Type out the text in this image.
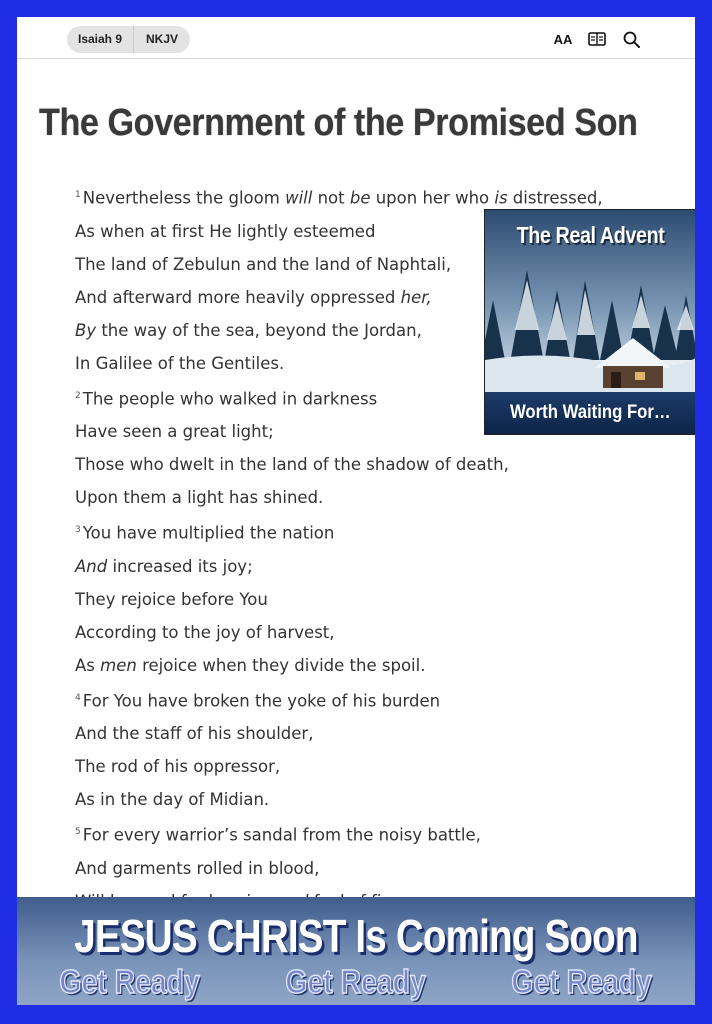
Isaiah 9	NKJV	AA
The Government of the Promised Son
$^1$ Nevertheless the gloom will not be upon her who is distressed,
As when at first He lightly esteemed
The land of Zebulun and the land of Naphtali,
And afterward more heavily oppressed her,
By the way of the sea, beyond the Jordan,
In Galilee of the Gentiles.
$^2$ The people who walked in darkness
Have seen a great light;
Those who dwelt in the land of the shadow of death,
Upon them a light has shined.
$^3$ You have multiplied the nation
And increased its joy;
They rejoice before You
According to the joy of harvest,
As men rejoice when they divide the spoil.
$^4$ For You have broken the yoke of his burden
And the staff of his shoulder,
The rod of his oppressor,
As in the day of Midian.
$^5$ For every warrior’s sandal from the noisy battle,
And garments rolled in blood,
The Real Advent
Worth Waiting For…
JESUS CHRIST Is Coming Soon
Get Ready	Get Ready	Get Ready
